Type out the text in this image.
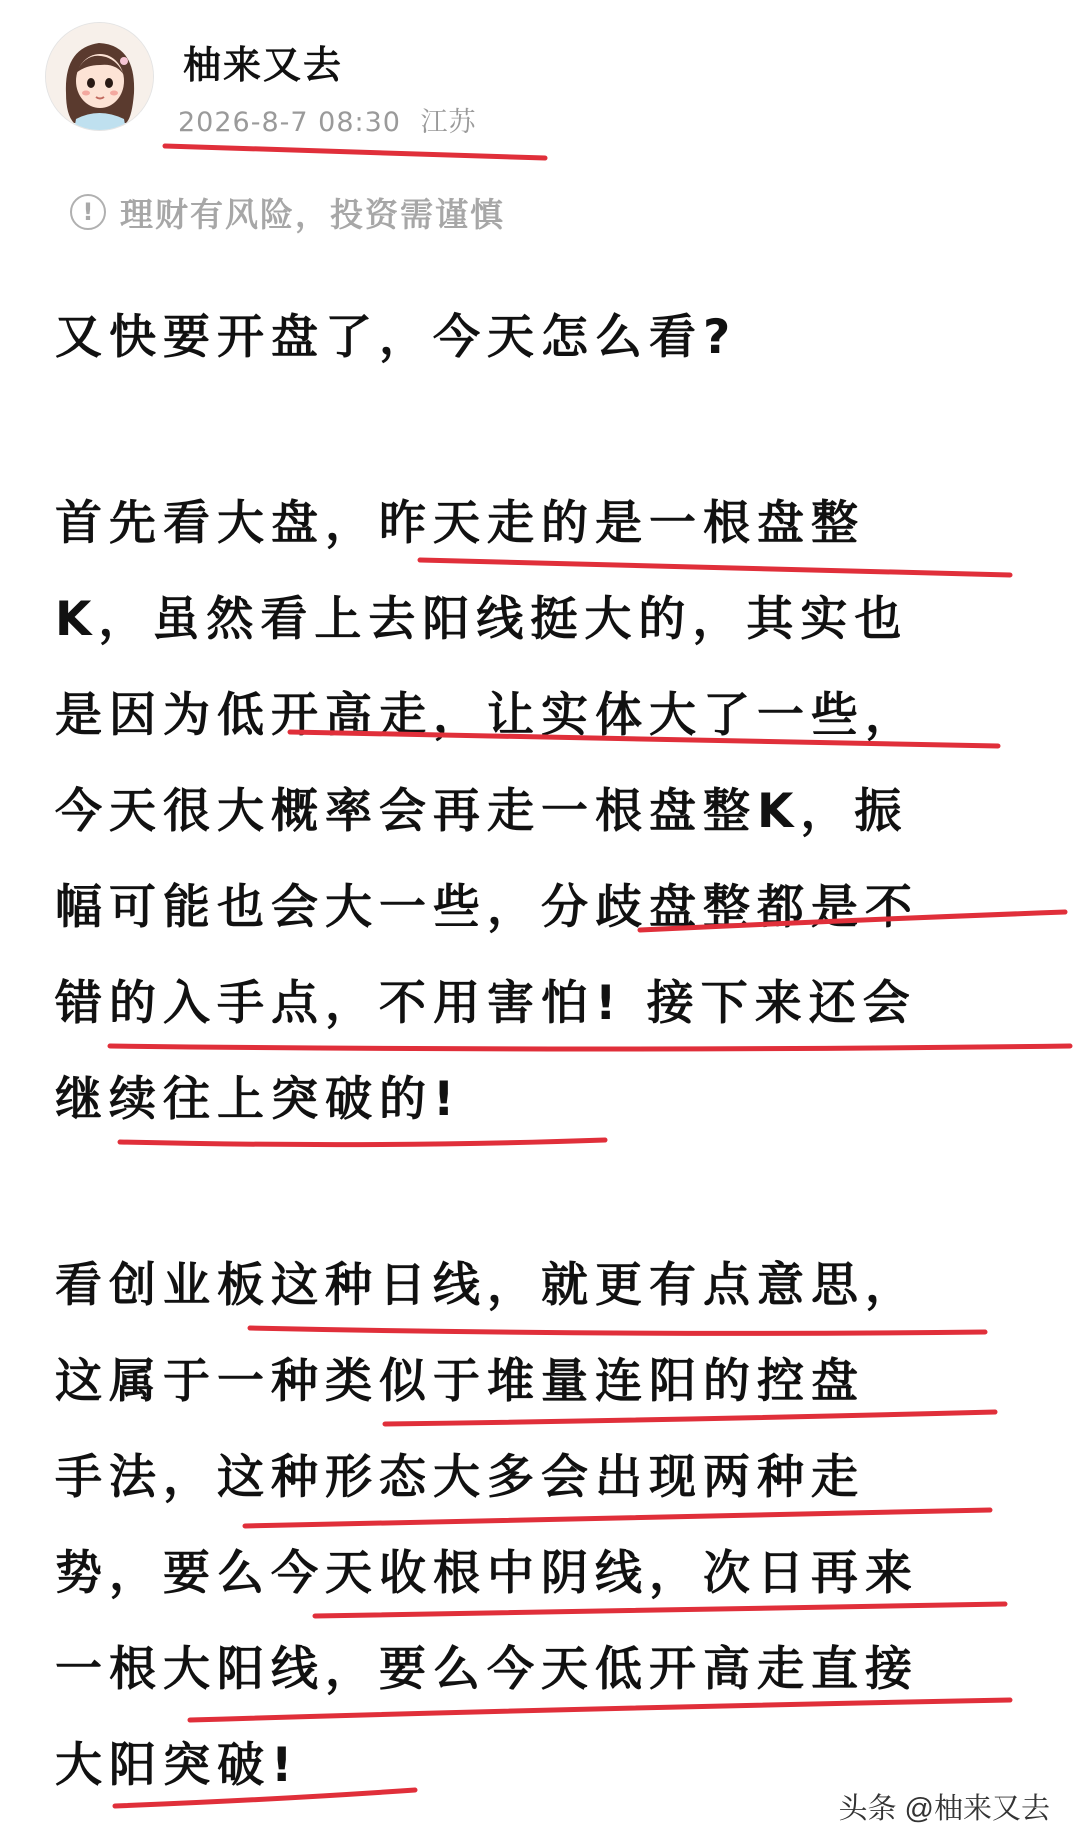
柚来又去
2026-8-7 08:30 江苏
! 理财有风险，投资需谨慎
又快要开盘了，今天怎么看?
首先看大盘，昨天走的是一根盘整
K，虽然看上去阳线挺大的，其实也
是因为低开高走，让实体大了一些，
今天很大概率会再走一根盘整K，振
幅可能也会大一些，分歧盘整都是不
错的入手点，不用害怕! 接下来还会
继续往上突破的!
看创业板这种日线，就更有点意思，
这属于一种类似于堆量连阳的控盘
手法，这种形态大多会出现两种走
势，要么今天收根中阴线，次日再来
一根大阳线，要么今天低开高走直接
大阳突破!
头条 @柚来又去
